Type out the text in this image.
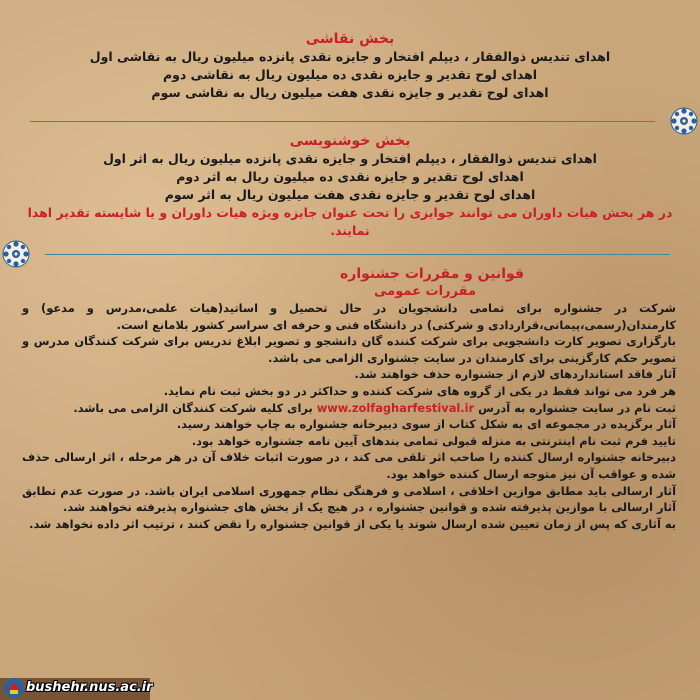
بخش نقاشی
اهدای تندیس ذوالفقار ، دیپلم افتخار و جایزه نقدی پانزده میلیون ریال به نقاشی اول
اهدای لوح تقدیر و جایزه نقدی ده میلیون ریال به نقاشی دوم
اهدای لوح تقدیر و جایزه نقدی هفت میلیون ریال به نقاشی سوم
بخش خوشنویسی
اهدای تندیس ذوالفقار ، دیپلم افتخار و جایزه نقدی پانزده میلیون ریال به اثر اول
اهدای لوح تقدیر و جایزه نقدی ده میلیون ریال به اثر دوم
اهدای لوح تقدیر و جایزه نقدی هفت میلیون ریال به اثر سوم
در هر بخش هیات داوران می توانند جوایزی را تحت عنوان جایزه ویژه هیات داوران و یا شایسته تقدیر اهدا
نمایند.
قوانین و مقررات جشنواره
مقررات عمومی
شرکت در جشنواره برای تمامی دانشجویان در حال تحصیل و اساتید(هیات علمی،مدرس و مدعو) و کارمندان(رسمی،پیمانی،قراردادی و شرکتی) در دانشگاه فنی و حرفه ای سراسر کشور بلامانع است.
بارگزاری تصویر کارت دانشجویی برای شرکت کننده گان دانشجو و تصویر ابلاغ تدریس برای شرکت کنندگان مدرس و تصویر حکم کارگزینی برای کارمندان در سایت جشنواری الزامی می باشد.
آثار فاقد استانداردهای لازم از جشنواره حذف خواهند شد.
هر فرد می تواند فقط در یکی از گروه های شرکت کننده و حداکثر در دو بخش ثبت نام نماید.
ثبت نام در سایت جشنواره به آدرس www.zolfagharfestival.ir برای کلیه شرکت کنندگان الزامی می باشد.
آثار برگزیده در مجموعه ای به شکل کتاب از سوی دبیرخانه جشنواره به چاپ خواهند رسید.
تایید فرم ثبت نام اینترنتی به منزله قبولی تمامی بندهای آیین نامه جشنواره خواهد بود.
دبیرخانه جشنواره ارسال کننده را صاحب اثر تلقی می کند ، در صورت اثبات خلاف آن در هر مرحله ، اثر ارسالی حذف شده و عواقب آن نیز متوجه ارسال کننده خواهد بود.
آثار ارسالی باید مطابق موازین اخلاقی ، اسلامی و فرهنگی نظام جمهوری اسلامی ایران باشد. در صورت عدم تطابق آثار ارسالی با موازین پذیرفته شده و قوانین جشنواره ، در هیچ یک از بخش های جشنواره پذیرفته نخواهند شد.
به آثاری که پس از زمان تعیین شده ارسال شوند یا یکی از قوانین جشنواره را نقض کنند ، ترتیب اثر داده نخواهد شد.
bushehr.nus.ac.ir
